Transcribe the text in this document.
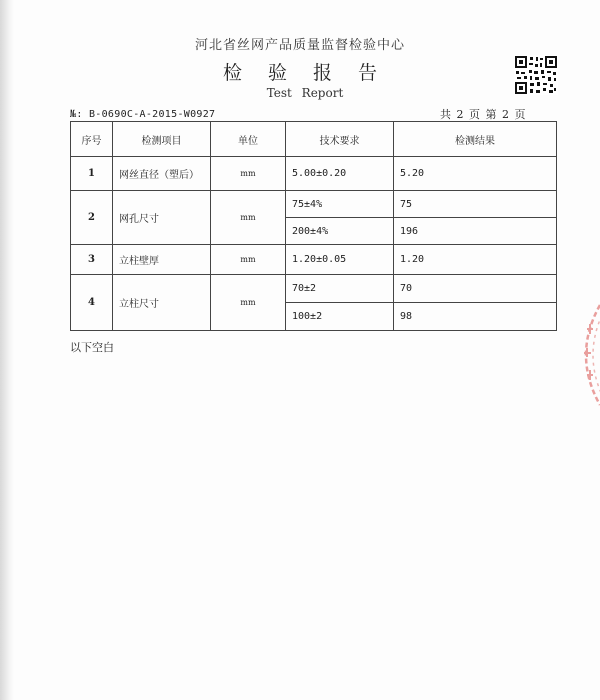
河北省丝网产品质量监督检验中心
检 验 报 告
Test Report
№: B-0690C-A-2015-W0927	共 2 页 第 2 页
序号	检测项目	单位	技术要求	检测结果
1	网丝直径（塑后）	mm	5.00±0.20	5.20
2	网孔尺寸	mm	75±4%	75
			200±4%	196
3	立柱壁厚	mm	1.20±0.05	1.20
4	立柱尺寸	mm	70±2	70
			100±2	98
以下空白
